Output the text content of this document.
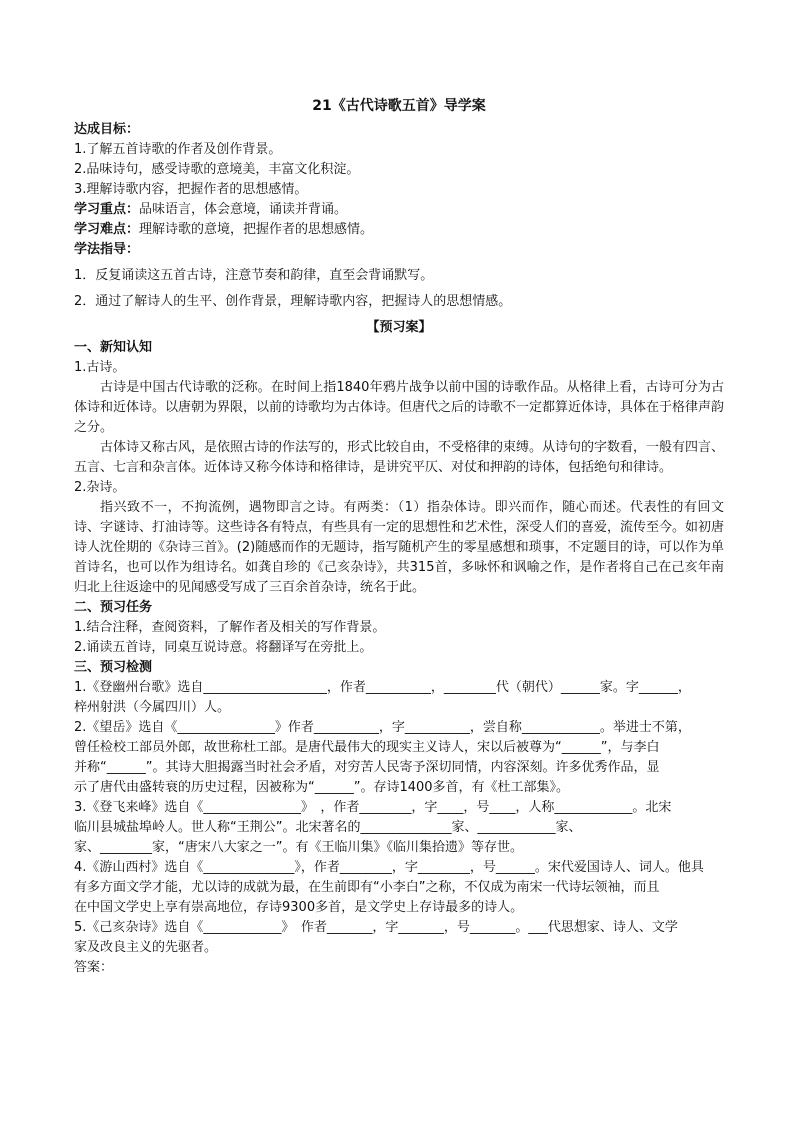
21《古代诗歌五首》导学案

达成目标：

1.了解五首诗歌的作者及创作背景。

2.品味诗句，感受诗歌的意境美，丰富文化积淀。

3.理解诗歌内容，把握作者的思想感情。

学习重点：品味语言，体会意境，诵读并背诵。

学习难点：理解诗歌的意境，把握作者的思想感情。

学法指导：

1．反复诵读这五首古诗，注意节奏和韵律，直至会背诵默写。

2．通过了解诗人的生平、创作背景，理解诗歌内容，把握诗人的思想情感。

【预习案】

一、新知认知

1.古诗。

古诗是中国古代诗歌的泛称。在时间上指1840年鸦片战争以前中国的诗歌作品。从格律上看，古诗可分为古体诗和近体诗。以唐朝为界限，以前的诗歌均为古体诗。但唐代之后的诗歌不一定都算近体诗，具体在于格律声韵之分。

古体诗又称古风，是依照古诗的作法写的，形式比较自由，不受格律的束缚。从诗句的字数看，一般有四言、五言、七言和杂言体。近体诗又称今体诗和格律诗，是讲究平仄、对仗和押韵的诗体，包括绝句和律诗。

2.杂诗。

指兴致不一，不拘流例，遇物即言之诗。有两类：（1）指杂体诗。即兴而作，随心而述。代表性的有回文诗、字谜诗、打油诗等。这些诗各有特点，有些具有一定的思想性和艺术性，深受人们的喜爱，流传至今。如初唐诗人沈佺期的《杂诗三首》。(2)随感而作的无题诗，指写随机产生的零星感想和琐事，不定题目的诗，可以作为单首诗名，也可以作为组诗名。如龚自珍的《己亥杂诗》，共315首，多咏怀和讽喻之作，是作者将自己在己亥年南归北上往返途中的见闻感受写成了三百余首杂诗，统名于此。

二、预习任务

1.结合注释，查阅资料，了解作者及相关的写作背景。

2.诵读五首诗，同桌互说诗意。将翻译写在旁批上。

三、预习检测

1.《登幽州台歌》选自___________________，作者__________，________代（朝代）______家。字______，

梓州射洪（今属四川）人。

2.《望岳》选自《_______________》作者__________，字__________，尝自称____________。举进士不第，

曾任检校工部员外郎，故世称杜工部。是唐代最伟大的现实主义诗人，宋以后被尊为“______”，与李白

并称“______”。其诗大胆揭露当时社会矛盾，对穷苦人民寄予深切同情，内容深刻。许多优秀作品，显

示了唐代由盛转衰的历史过程，因被称为“______”。存诗1400多首，有《杜工部集》。

3.《登飞来峰》选自《_______________》　，作者________，字____，号____，人称____________。北宋

临川县城盐埠岭人。世人称“王荆公”。北宋著名的______________家、____________家、

家、________家，“唐宋八大家之一”。有《王临川集》《临川集拾遗》等存世。

4.《游山西村》选自《______________》，作者________，字________，号______。宋代爱国诗人、词人。他具

有多方面文学才能，尤以诗的成就为最，在生前即有“小李白”之称，不仅成为南宋一代诗坛领袖，而且

在中国文学史上享有崇高地位，存诗9300多首，是文学史上存诗最多的诗人。

5.《己亥杂诗》选自《____________》　作者_______，字_______，号_______。___代思想家、诗人、文学

家及改良主义的先驱者。

答案：
